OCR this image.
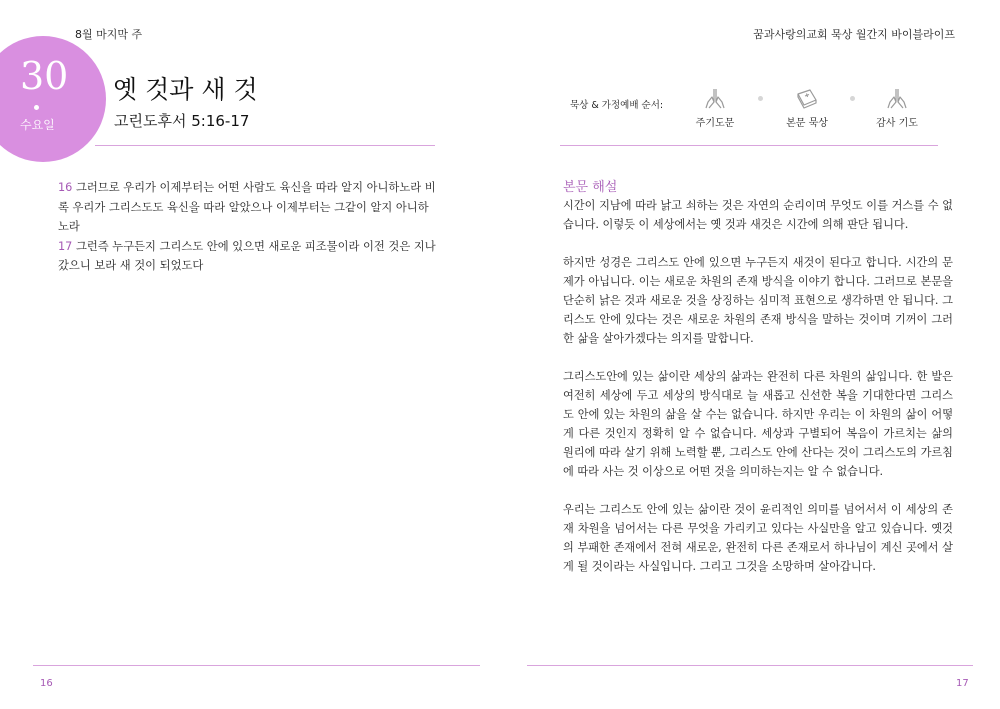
8월 마지막 주
30
수요일
옛 것과 새 것
고린도후서 5:16-17
16 그러므로 우리가 이제부터는 어떤 사람도 육신을 따라 알지 아니하노라 비록 우리가 그리스도도 육신을 따라 알았으나 이제부터는 그같이 알지 아니하노라
17 그런즉 누구든지 그리스도 안에 있으면 새로운 피조물이라 이전 것은 지나갔으니 보라 새 것이 되었도다
16
꿈과사랑의교회 묵상 월간지 바이블라이프
묵상 & 가정예배 순서:
주기도문	본문 묵상	감사 기도
본문 해설

시간이 지남에 따라 낡고 쇠하는 것은 자연의 순리이며 무엇도 이를 거스를 수 없습니다. 이렇듯 이 세상에서는 옛 것과 새것은 시간에 의해 판단 됩니다.

하지만 성경은 그리스도 안에 있으면 누구든지 새것이 된다고 합니다. 시간의 문제가 아닙니다. 이는 새로운 차원의 존재 방식을 이야기 합니다. 그러므로 본문을 단순히 낡은 것과 새로운 것을 상징하는 심미적 표현으로 생각하면 안 됩니다. 그리스도 안에 있다는 것은 새로운 차원의 존재 방식을 말하는 것이며 기꺼이 그러한 삶을 살아가겠다는 의지를 말합니다.

그리스도안에 있는 삶이란 세상의 삶과는 완전히 다른 차원의 삶입니다. 한 발은 여전히 세상에 두고 세상의 방식대로 늘 새롭고 신선한 복을 기대한다면 그리스도 안에 있는 차원의 삶을 살 수는 없습니다. 하지만 우리는 이 차원의 삶이 어떻게 다른 것인지 정확히 알 수 없습니다. 세상과 구별되어 복음이 가르치는 삶의 원리에 따라 살기 위해 노력할 뿐, 그리스도 안에 산다는 것이 그리스도의 가르침에 따라 사는 것 이상으로 어떤 것을 의미하는지는 알 수 없습니다.

우리는 그리스도 안에 있는 삶이란 것이 윤리적인 의미를 넘어서서 이 세상의 존재 차원을 넘어서는 다른 무엇을 가리키고 있다는 사실만을 알고 있습니다. 옛것의 부패한 존재에서 전혀 새로운, 완전히 다른 존재로서 하나님이 계신 곳에서 살게 될 것이라는 사실입니다. 그리고 그것을 소망하며 살아갑니다.

17
